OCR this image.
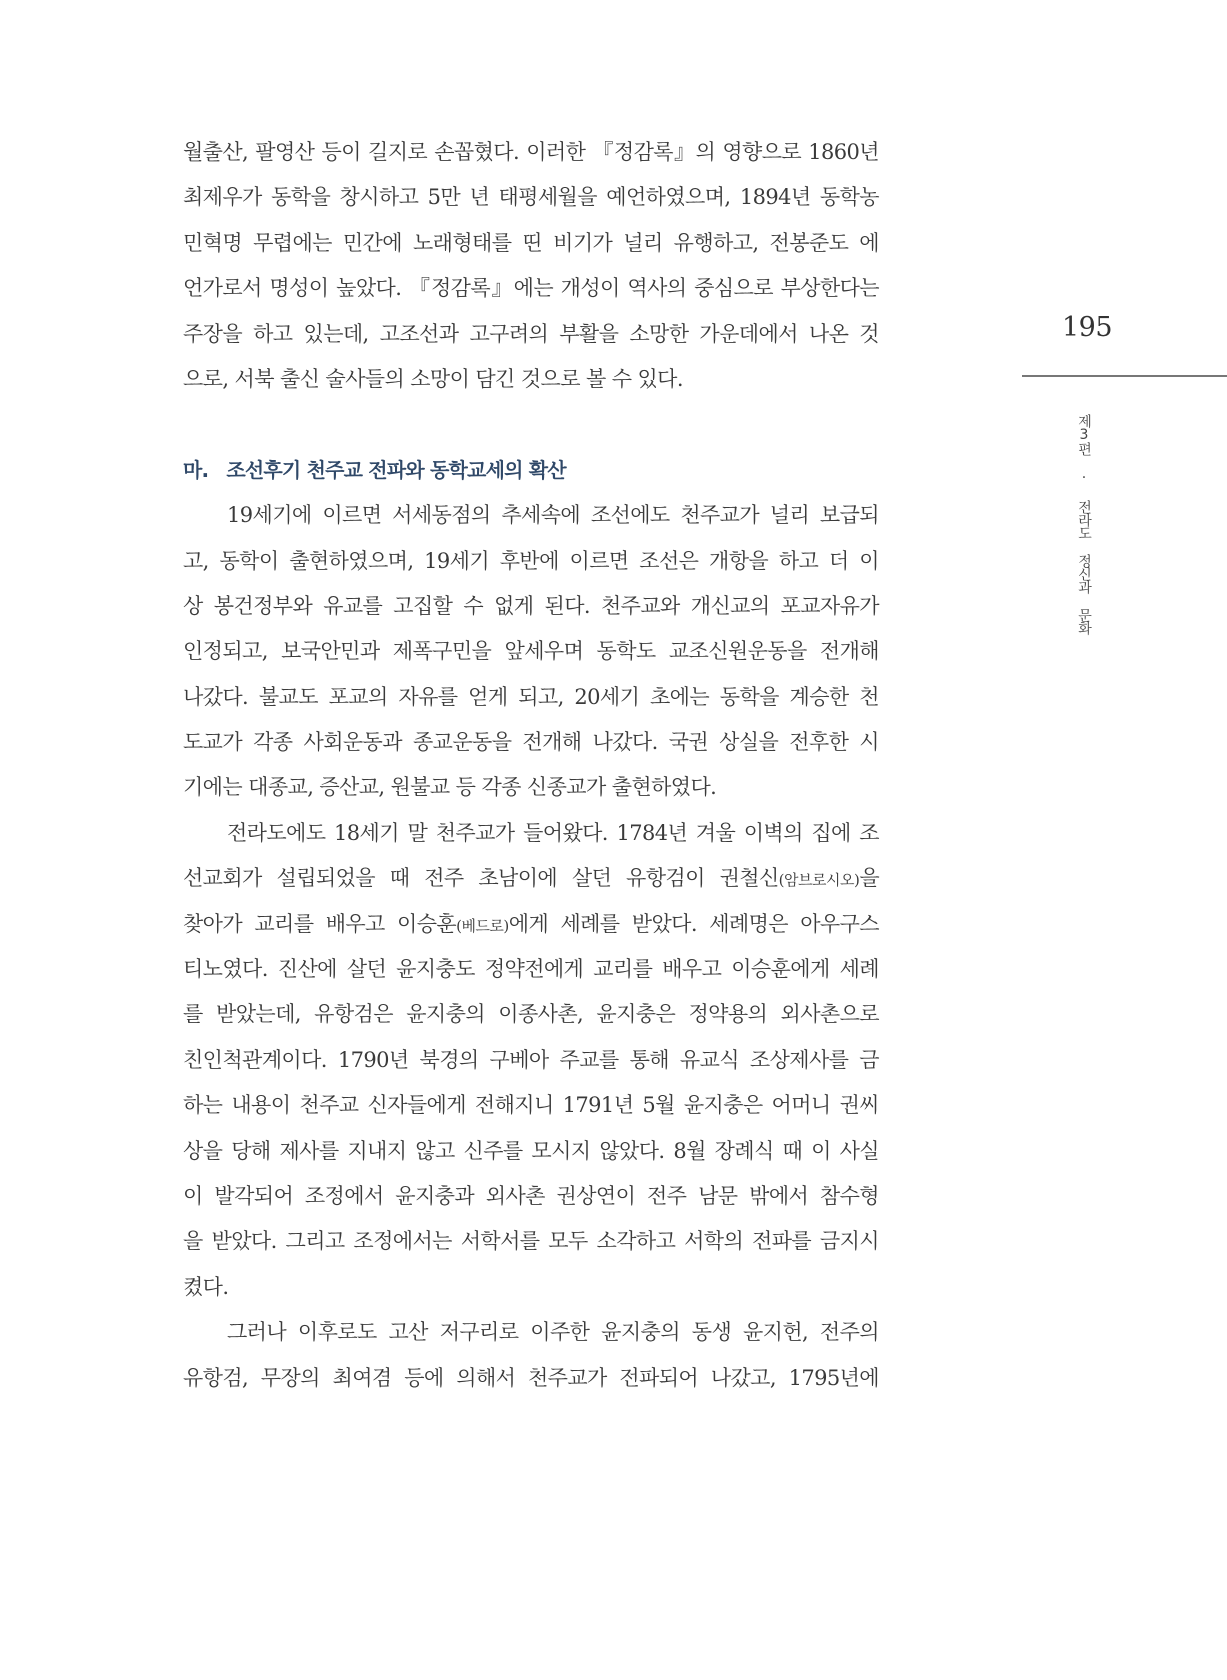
월출산, 팔영산 등이 길지로 손꼽혔다. 이러한 『정감록』의 영향으로 1860년
최제우가 동학을 창시하고 5만 년 태평세월을 예언하였으며, 1894년 동학농
민혁명 무렵에는 민간에 노래형태를 띤 비기가 널리 유행하고, 전봉준도 에
언가로서 명성이 높았다. 『정감록』에는 개성이 역사의 중심으로 부상한다는
주장을 하고 있는데, 고조선과 고구려의 부활을 소망한 가운데에서 나온 것
으로, 서북 출신 술사들의 소망이 담긴 것으로 볼 수 있다.
마. 조선후기 천주교 전파와 동학교세의 확산
19세기에 이르면 서세동점의 추세속에 조선에도 천주교가 널리 보급되
고, 동학이 출현하였으며, 19세기 후반에 이르면 조선은 개항을 하고 더 이
상 봉건정부와 유교를 고집할 수 없게 된다. 천주교와 개신교의 포교자유가
인정되고, 보국안민과 제폭구민을 앞세우며 동학도 교조신원운동을 전개해
나갔다. 불교도 포교의 자유를 얻게 되고, 20세기 초에는 동학을 계승한 천
도교가 각종 사회운동과 종교운동을 전개해 나갔다. 국권 상실을 전후한 시
기에는 대종교, 증산교, 원불교 등 각종 신종교가 출현하였다.
전라도에도 18세기 말 천주교가 들어왔다. 1784년 겨울 이벽의 집에 조
선교회가 설립되었을 때 전주 초남이에 살던 유항검이 권철신(암브로시오)을
찾아가 교리를 배우고 이승훈(베드로)에게 세례를 받았다. 세례명은 아우구스
티노였다. 진산에 살던 윤지충도 정약전에게 교리를 배우고 이승훈에게 세례
를 받았는데, 유항검은 윤지충의 이종사촌, 윤지충은 정약용의 외사촌으로
친인척관계이다. 1790년 북경의 구베아 주교를 통해 유교식 조상제사를 금
하는 내용이 천주교 신자들에게 전해지니 1791년 5월 윤지충은 어머니 권씨
상을 당해 제사를 지내지 않고 신주를 모시지 않았다. 8월 장례식 때 이 사실
이 발각되어 조정에서 윤지충과 외사촌 권상연이 전주 남문 밖에서 참수형
을 받았다. 그리고 조정에서는 서학서를 모두 소각하고 서학의 전파를 금지시
켰다.
그러나 이후로도 고산 저구리로 이주한 윤지충의 동생 윤지헌, 전주의
유항검, 무장의 최여겸 등에 의해서 천주교가 전파되어 나갔고, 1795년에
195
제3편 · 전라도 정신과 문화
